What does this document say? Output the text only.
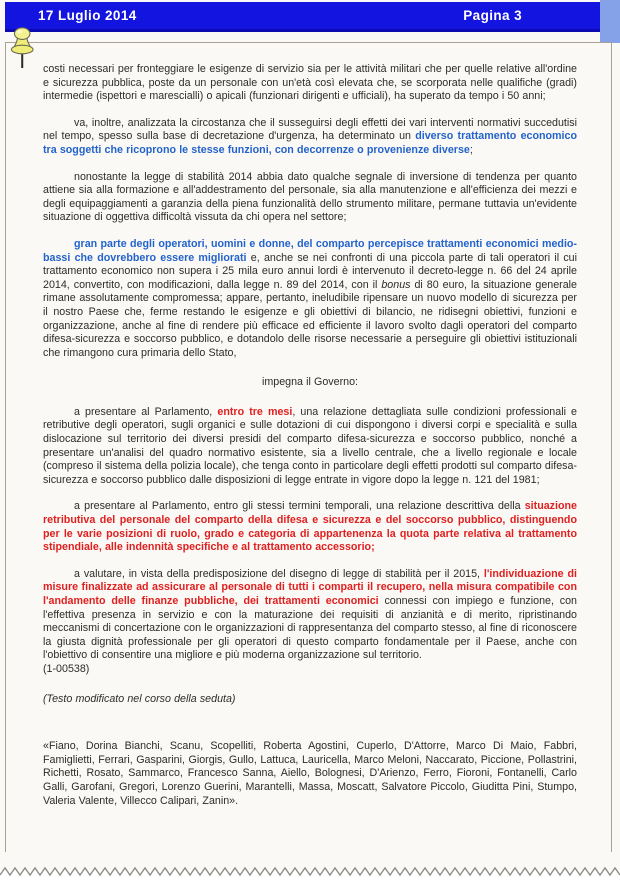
17 Luglio 2014	Pagina 3

costi necessari per fronteggiare le esigenze di servizio sia per le attività militari che per quelle relative all'ordine e sicurezza pubblica, poste da un personale con un'età così elevata che, se scorporata nelle qualifiche (gradi) intermedie (ispettori e marescialli) o apicali (funzionari dirigenti e ufficiali), ha superato da tempo i 50 anni;

va, inoltre, analizzata la circostanza che il susseguirsi degli effetti dei vari interventi normativi succedutisi nel tempo, spesso sulla base di decretazione d'urgenza, ha determinato un diverso trattamento economico tra soggetti che ricoprono le stesse funzioni, con decorrenze o provenienze diverse;

nonostante la legge di stabilità 2014 abbia dato qualche segnale di inversione di tendenza per quanto attiene sia alla formazione e all'addestramento del personale, sia alla manutenzione e all'efficienza dei mezzi e degli equipaggiamenti a garanzia della piena funzionalità dello strumento militare, permane tuttavia un'evidente situazione di oggettiva difficoltà vissuta da chi opera nel settore;

gran parte degli operatori, uomini e donne, del comparto percepisce trattamenti economici medio-bassi che dovrebbero essere migliorati e, anche se nei confronti di una piccola parte di tali operatori il cui trattamento economico non supera i 25 mila euro annui lordi è intervenuto il decreto-legge n. 66 del 24 aprile 2014, convertito, con modificazioni, dalla legge n. 89 del 2014, con il bonus di 80 euro, la situazione generale rimane assolutamente compromessa; appare, pertanto, ineludibile ripensare un nuovo modello di sicurezza per il nostro Paese che, ferme restando le esigenze e gli obiettivi di bilancio, ne ridisegni obiettivi, funzioni e organizzazione, anche al fine di rendere più efficace ed efficiente il lavoro svolto dagli operatori del comparto difesa-sicurezza e soccorso pubblico, e dotandolo delle risorse necessarie a perseguire gli obiettivi istituzionali che rimangono cura primaria dello Stato,

impegna il Governo:

a presentare al Parlamento, entro tre mesi, una relazione dettagliata sulle condizioni professionali e retributive degli operatori, sugli organici e sulle dotazioni di cui dispongono i diversi corpi e specialità e sulla dislocazione sul territorio dei diversi presidi del comparto difesa-sicurezza e soccorso pubblico, nonché a presentare un'analisi del quadro normativo esistente, sia a livello centrale, che a livello regionale e locale (compreso il sistema della polizia locale), che tenga conto in particolare degli effetti prodotti sul comparto difesa-sicurezza e soccorso pubblico dalle disposizioni di legge entrate in vigore dopo la legge n. 121 del 1981;

a presentare al Parlamento, entro gli stessi termini temporali, una relazione descrittiva della situazione retributiva del personale del comparto della difesa e sicurezza e del soccorso pubblico, distinguendo per le varie posizioni di ruolo, grado e categoria di appartenenza la quota parte relativa al trattamento stipendiale, alle indennità specifiche e al trattamento accessorio;

a valutare, in vista della predisposizione del disegno di legge di stabilità per il 2015, l'individuazione di misure finalizzate ad assicurare al personale di tutti i comparti il recupero, nella misura compatibile con l'andamento delle finanze pubbliche, dei trattamenti economici connessi con impiego e funzione, con l'effettiva presenza in servizio e con la maturazione dei requisiti di anzianità e di merito, ripristinando meccanismi di concertazione con le organizzazioni di rappresentanza del comparto stesso, al fine di riconoscere la giusta dignità professionale per gli operatori di questo comparto fondamentale per il Paese, anche con l'obiettivo di consentire una migliore e più moderna organizzazione sul territorio.

(1-00538)

(Testo modificato nel corso della seduta)

«Fiano, Dorina Bianchi, Scanu, Scopelliti, Roberta Agostini, Cuperlo, D'Attorre, Marco Di Maio, Fabbri, Famiglietti, Ferrari, Gasparini, Giorgis, Gullo, Lattuca, Lauricella, Marco Meloni, Naccarato, Piccione, Pollastrini, Richetti, Rosato, Sammarco, Francesco Sanna, Aiello, Bolognesi, D'Arienzo, Ferro, Fioroni, Fontanelli, Carlo Galli, Garofani, Gregori, Lorenzo Guerini, Marantelli, Massa, Moscatt, Salvatore Piccolo, Giuditta Pini, Stumpo, Valeria Valente, Villecco Calipari, Zanin».
